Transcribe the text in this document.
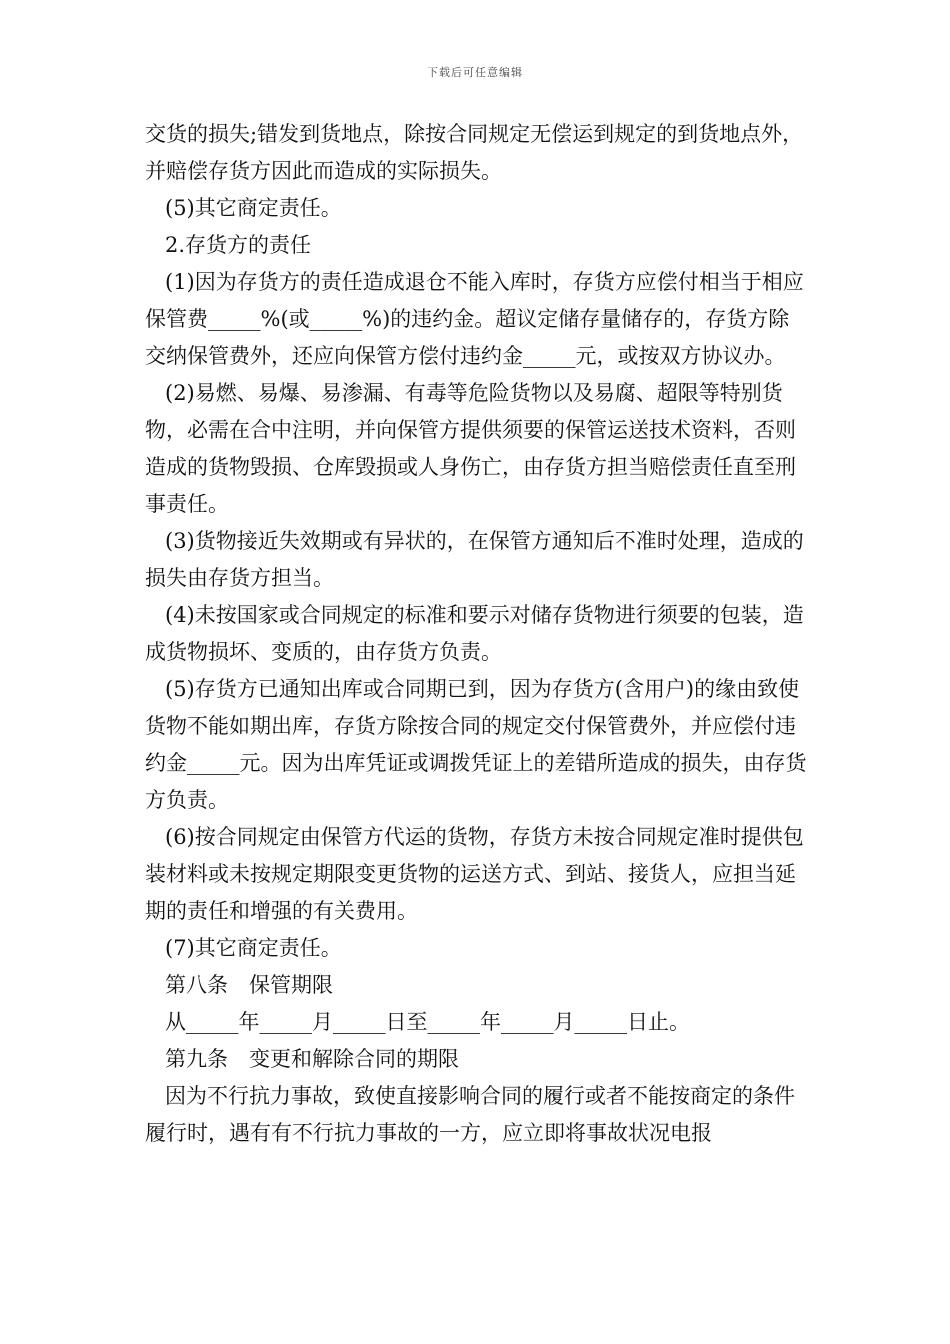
下载后可任意编辑

交货的损失;错发到货地点，除按合同规定无偿运到规定的到货地点外，并赔偿存货方因此而造成的实际损失。

(5)其它商定责任。

2.存货方的责任

(1)因为存货方的责任造成退仓不能入库时，存货方应偿付相当于相应保管费_____%(或_____%)的违约金。超议定储存量储存的，存货方除交纳保管费外，还应向保管方偿付违约金_____元，或按双方协议办。

(2)易燃、易爆、易渗漏、有毒等危险货物以及易腐、超限等特别货物，必需在合中注明，并向保管方提供须要的保管运送技术资料，否则造成的货物毁损、仓库毁损或人身伤亡，由存货方担当赔偿责任直至刑事责任。

(3)货物接近失效期或有异状的，在保管方通知后不准时处理，造成的损失由存货方担当。

(4)未按国家或合同规定的标准和要示对储存货物进行须要的包装，造成货物损坏、变质的，由存货方负责。

(5)存货方已通知出库或合同期已到，因为存货方(含用户)的缘由致使货物不能如期出库，存货方除按合同的规定交付保管费外，并应偿付违约金_____元。因为出库凭证或调拨凭证上的差错所造成的损失，由存货方负责。

(6)按合同规定由保管方代运的货物，存货方未按合同规定准时提供包装材料或未按规定期限变更货物的运送方式、到站、接货人，应担当延期的责任和增强的有关费用。

(7)其它商定责任。

第八条　保管期限

从_____年_____月_____日至_____年_____月_____日止。

第九条　变更和解除合同的期限

因为不行抗力事故，致使直接影响合同的履行或者不能按商定的条件履行时，遇有有不行抗力事故的一方，应立即将事故状况电报
